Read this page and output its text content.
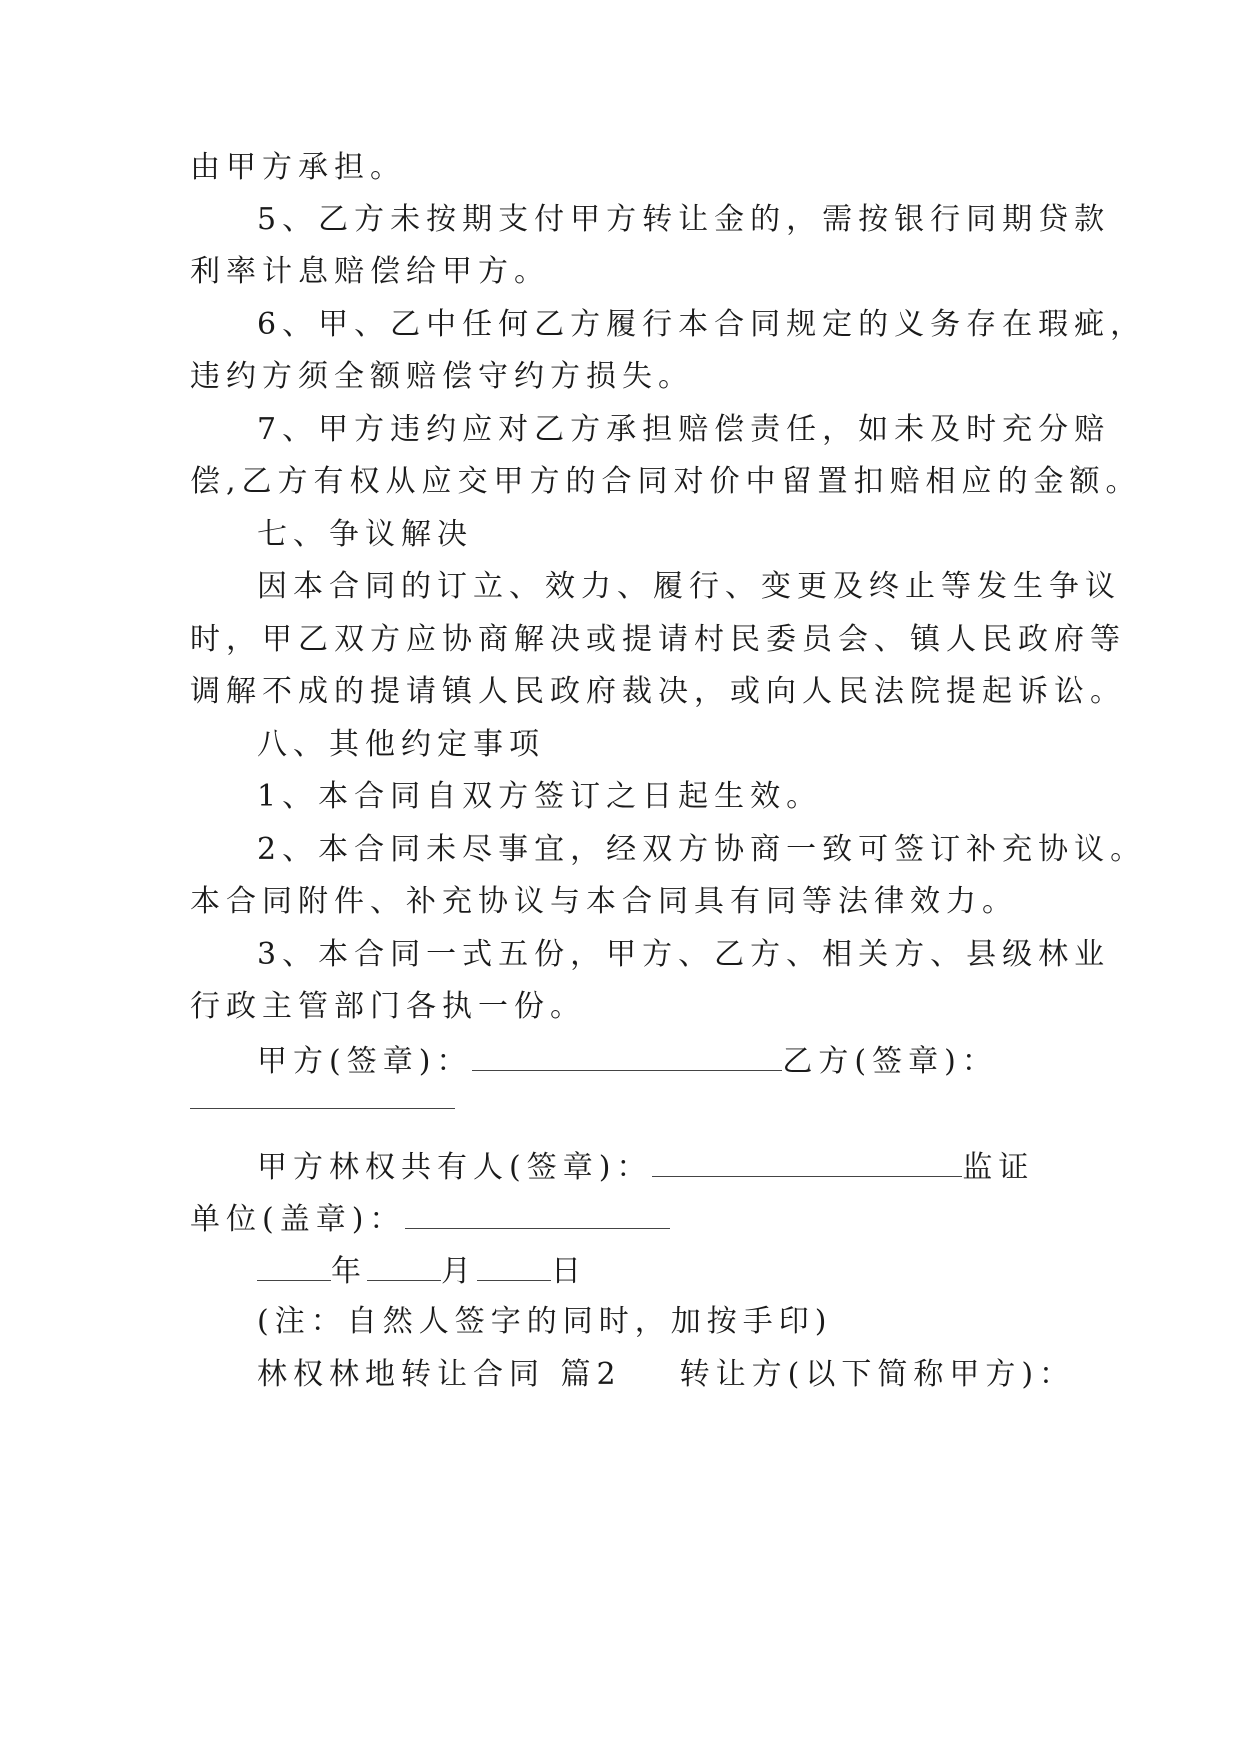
由甲方承担。
5、乙方未按期支付甲方转让金的，需按银行同期贷款
利率计息赔偿给甲方。
6、甲、乙中任何乙方履行本合同规定的义务存在瑕疵，
违约方须全额赔偿守约方损失。
7、甲方违约应对乙方承担赔偿责任，如未及时充分赔
偿,乙方有权从应交甲方的合同对价中留置扣赔相应的金额。
七、争议解决
因本合同的订立、效力、履行、变更及终止等发生争议
时，甲乙双方应协商解决或提请村民委员会、镇人民政府等
调解不成的提请镇人民政府裁决，或向人民法院提起诉讼。
八、其他约定事项
1、本合同自双方签订之日起生效。
2、本合同未尽事宜，经双方协商一致可签订补充协议。
本合同附件、补充协议与本合同具有同等法律效力。
3、本合同一式五份，甲方、乙方、相关方、县级林业
行政主管部门各执一份。
甲方(签章)：	乙方(签章)：
甲方林权共有人(签章)：	监证
单位(盖章)：
年 月 日
(注：自然人签字的同时，加按手印)
林权林地转让合同 篇2 转让方(以下简称甲方)：
